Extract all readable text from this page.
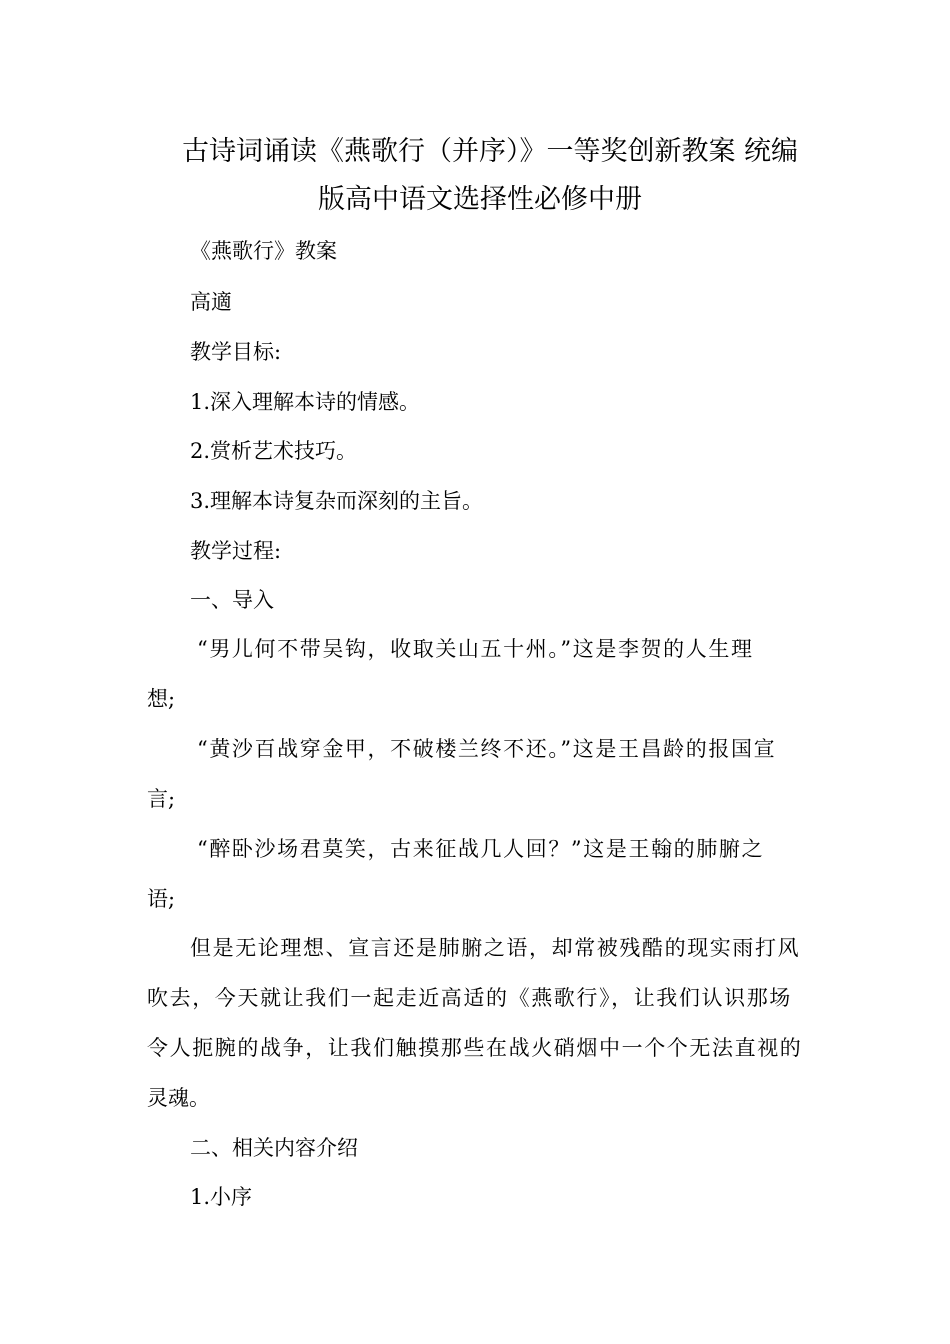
古诗词诵读《燕歌行（并序）》一等奖创新教案 统编
版高中语文选择性必修中册
《燕歌行》教案
高適
教学目标:
1.深入理解本诗的情感。
2.赏析艺术技巧。
3.理解本诗复杂而深刻的主旨。
教学过程:
一、导入
“男儿何不带吴钩，收取关山五十州。”这是李贺的人生理
想;
“黄沙百战穿金甲，不破楼兰终不还。”这是王昌龄的报国宣
言;
“醉卧沙场君莫笑，古来征战几人回？”这是王翰的肺腑之
语;
但是无论理想、宣言还是肺腑之语，却常被残酷的现实雨打风
吹去，今天就让我们一起走近高适的《燕歌行》，让我们认识那场
令人扼腕的战争，让我们触摸那些在战火硝烟中一个个无法直视的
灵魂。
二、相关内容介绍
1.小序
